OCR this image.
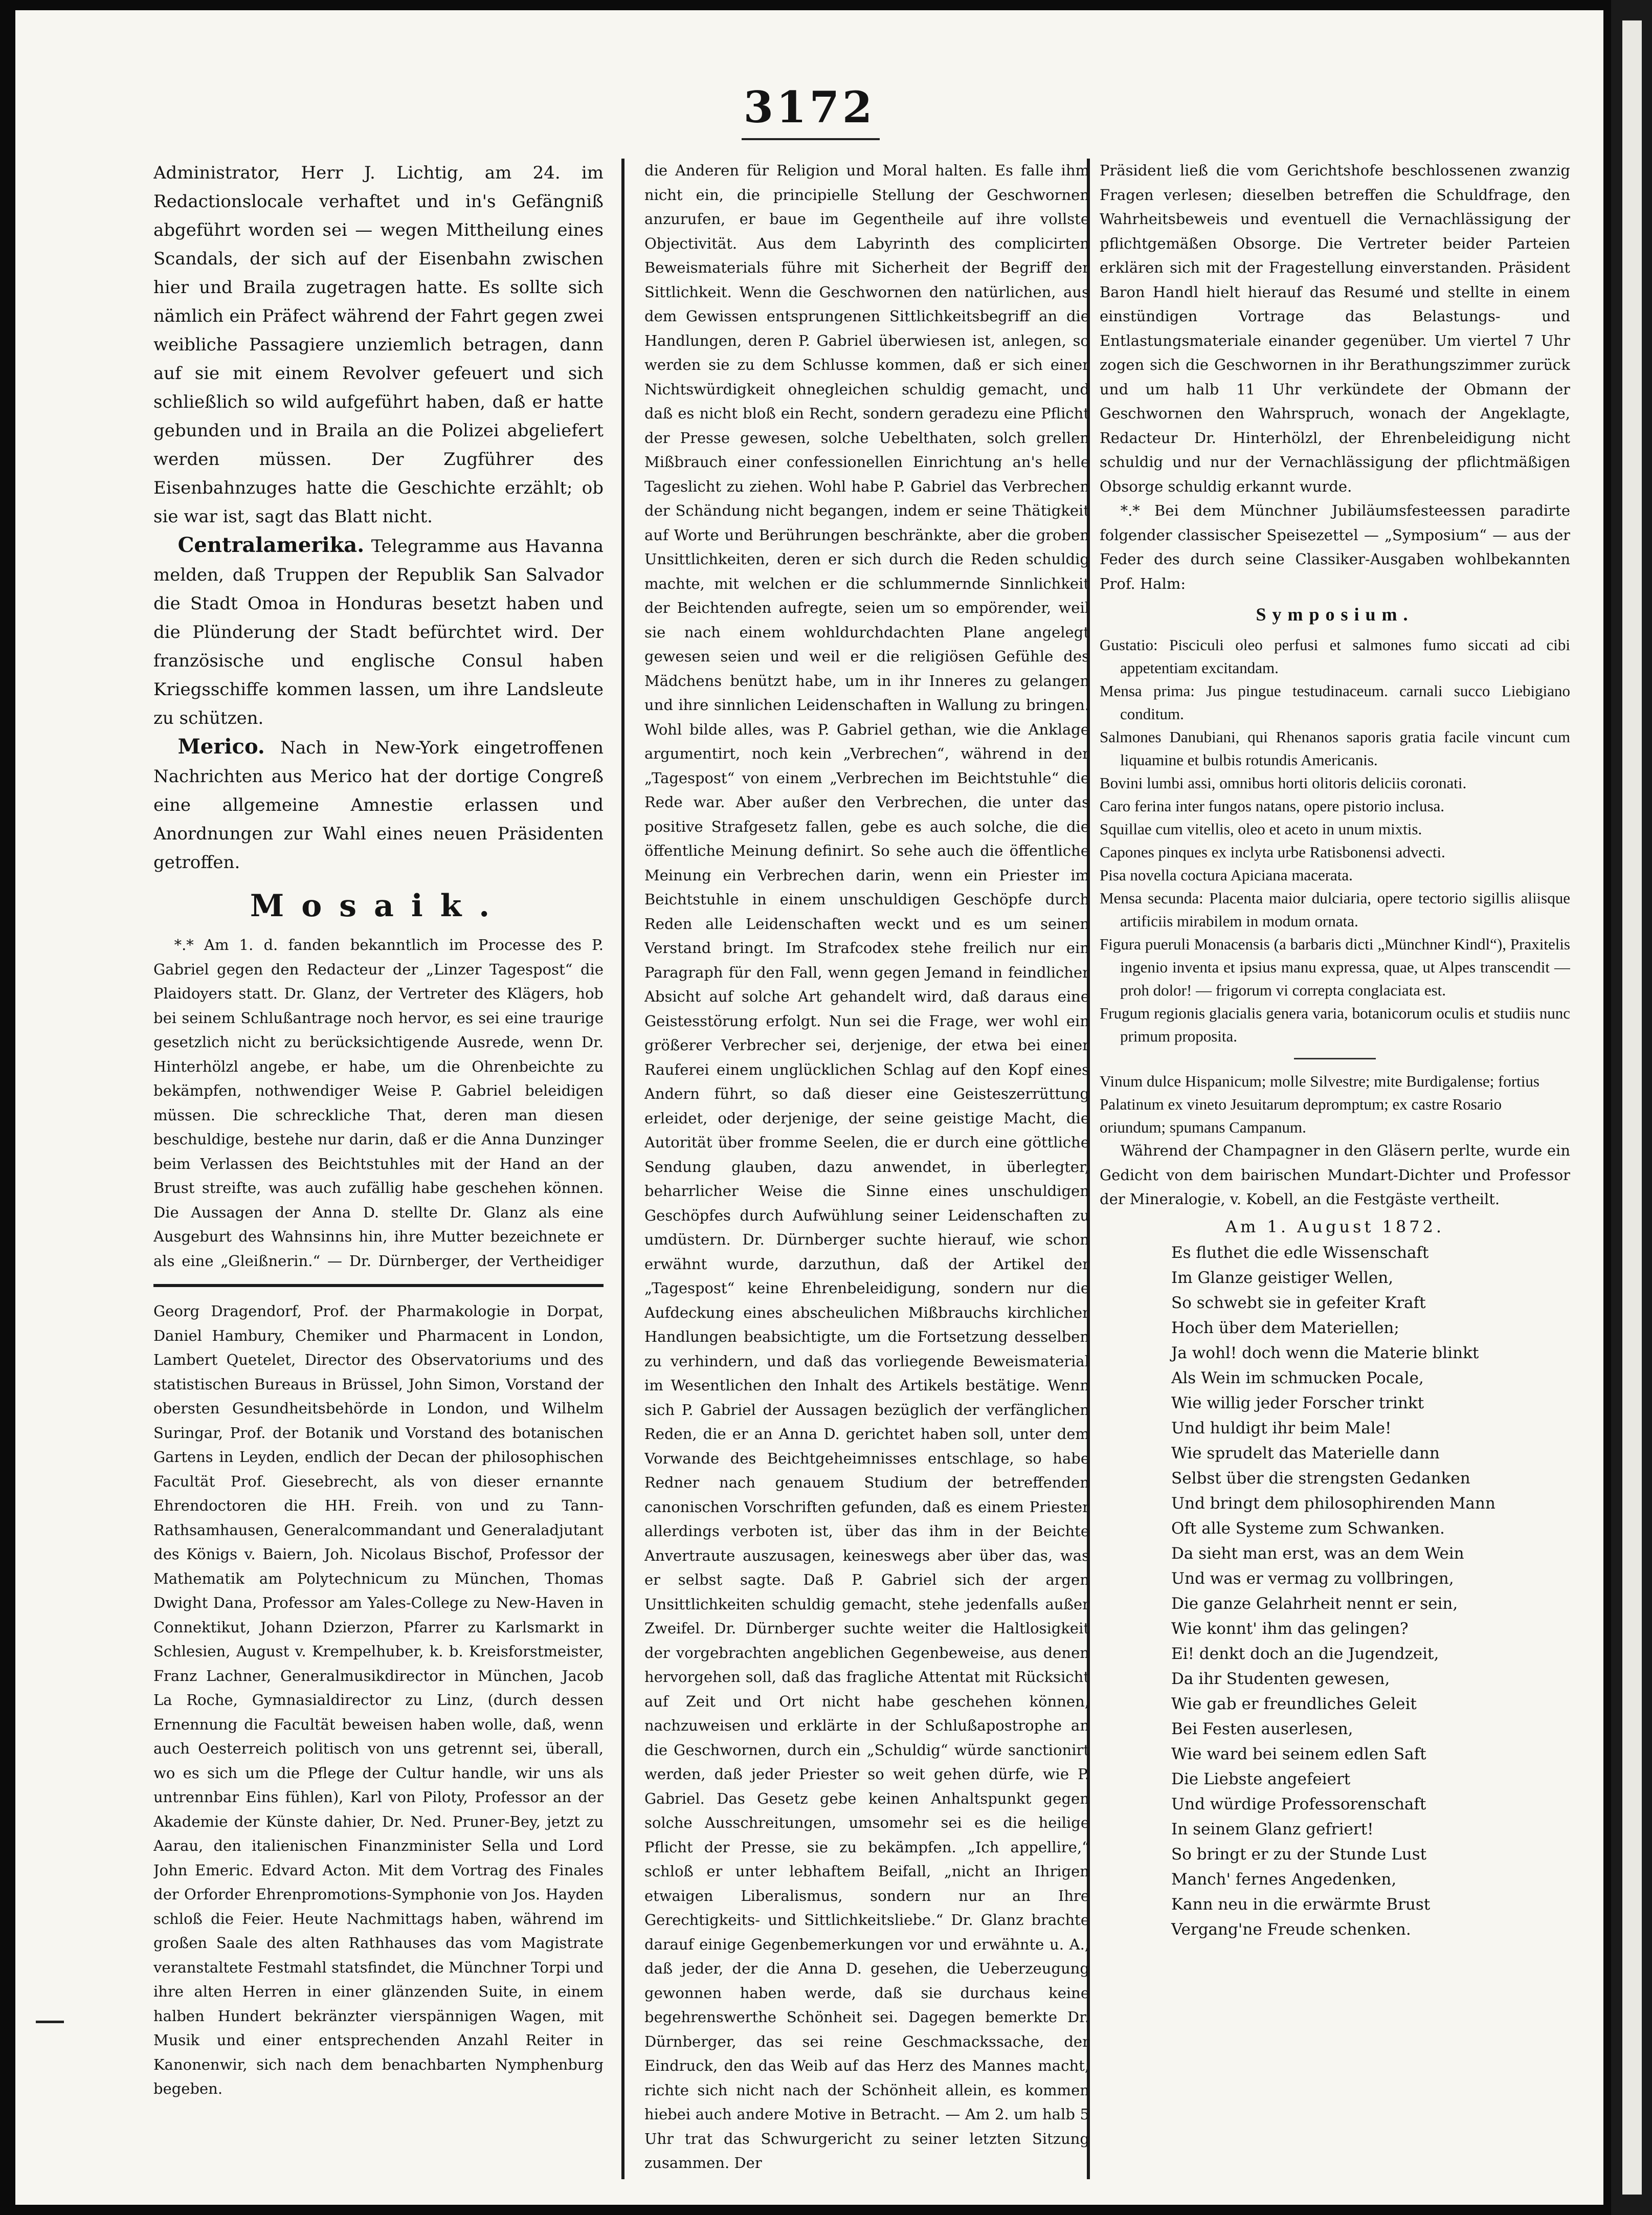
3172

Administrator, Herr J. Lichtig, am 24. im Redactionslocale verhaftet und in's Gefängniß abgeführt worden sei — wegen Mittheilung eines Scandals, der sich auf der Eisenbahn zwischen hier und Braila zugetragen hatte. Es sollte sich nämlich ein Präfect während der Fahrt gegen zwei weibliche Passagiere unziemlich betragen, dann auf sie mit einem Revolver gefeuert und sich schließlich so wild aufgeführt haben, daß er hatte gebunden und in Braila an die Polizei abgeliefert werden müssen. Der Zugführer des Eisenbahnzuges hatte die Geschichte erzählt; ob sie war ist, sagt das Blatt nicht.

Centralamerika. Telegramme aus Havanna melden, daß Truppen der Republik San Salvador die Stadt Omoa in Honduras besetzt haben und die Plünderung der Stadt befürchtet wird. Der französische und englische Consul haben Kriegsschiffe kommen lassen, um ihre Landsleute zu schützen.

Merico. Nach in New-York eingetroffenen Nachrichten aus Merico hat der dortige Congreß eine allgemeine Amnestie erlassen und Anordnungen zur Wahl eines neuen Präsidenten getroffen.

Mosaik.

*.* Am 1. d. fanden bekanntlich im Processe des P. Gabriel gegen den Redacteur der „Linzer Tagespost“ die Plaidoyers statt. Dr. Glanz, der Vertreter des Klägers, hob bei seinem Schlußantrage noch hervor, es sei eine traurige gesetzlich nicht zu berücksichtigende Ausrede, wenn Dr. Hinterhölzl angebe, er habe, um die Ohrenbeichte zu bekämpfen, nothwendiger Weise P. Gabriel beleidigen müssen. Die schreckliche That, deren man diesen beschuldige, bestehe nur darin, daß er die Anna Dunzinger beim Verlassen des Beichtstuhles mit der Hand an der Brust streifte, was auch zufällig habe geschehen können. Die Aussagen der Anna D. stellte Dr. Glanz als eine Ausgeburt des Wahnsinns hin, ihre Mutter bezeichnete er als eine „Gleißnerin.“ — Dr. Dürnberger, der Vertheidiger

Georg Dragendorf, Prof. der Pharmakologie in Dorpat, Daniel Hambury, Chemiker und Pharmacent in London, Lambert Quetelet, Director des Observatoriums und des statistischen Bureaus in Brüssel, John Simon, Vorstand der obersten Gesundheitsbehörde in London, und Wilhelm Suringar, Prof. der Botanik und Vorstand des botanischen Gartens in Leyden, endlich der Decan der philosophischen Facultät Prof. Giesebrecht, als von dieser ernannte Ehrendoctoren die HH. Freih. von und zu Tann-Rathsamhausen, Generalcommandant und Generaladjutant des Königs v. Baiern, Joh. Nicolaus Bischof, Professor der Mathematik am Polytechnicum zu München, Thomas Dwight Dana, Professor am Yales-College zu New-Haven in Connektikut, Johann Dzierzon, Pfarrer zu Karlsmarkt in Schlesien, August v. Krempelhuber, k. b. Kreisforstmeister, Franz Lachner, Generalmusikdirector in München, Jacob La Roche, Gymnasialdirector zu Linz, (durch dessen Ernennung die Facultät beweisen haben wolle, daß, wenn auch Oesterreich politisch von uns getrennt sei, überall, wo es sich um die Pflege der Cultur handle, wir uns als untrennbar Eins fühlen), Karl von Piloty, Professor an der Akademie der Künste dahier, Dr. Ned. Pruner-Bey, jetzt zu Aarau, den italienischen Finanzminister Sella und Lord John Emeric. Edvard Acton. Mit dem Vortrag des Finales der Orforder Ehrenpromotions-Symphonie von Jos. Hayden schloß die Feier. Heute Nachmittags haben, während im großen Saale des alten Rathhauses das vom Magistrate veranstaltete Festmahl statsfindet, die Münchner Torpi und ihre alten Herren in einer glänzenden Suite, in einem halben Hundert bekränzter vierspännigen Wagen, mit Musik und einer entsprechenden Anzahl Reiter in Kanonenwir, sich nach dem benachbarten Nymphenburg begeben.

die Anderen für Religion und Moral halten. Es falle ihm nicht ein, die principielle Stellung der Geschwornen anzurufen, er baue im Gegentheile auf ihre vollste Objectivität. Aus dem Labyrinth des complicirten Beweismaterials führe mit Sicherheit der Begriff der Sittlichkeit. Wenn die Geschwornen den natürlichen, aus dem Gewissen entsprungenen Sittlichkeitsbegriff an die Handlungen, deren P. Gabriel überwiesen ist, anlegen, so werden sie zu dem Schlusse kommen, daß er sich einer Nichtswürdigkeit ohnegleichen schuldig gemacht, und daß es nicht bloß ein Recht, sondern geradezu eine Pflicht der Presse gewesen, solche Uebelthaten, solch grellen Mißbrauch einer confessionellen Einrichtung an's helle Tageslicht zu ziehen. Wohl habe P. Gabriel das Verbrechen der Schändung nicht begangen, indem er seine Thätigkeit auf Worte und Berührungen beschränkte, aber die groben Unsittlichkeiten, deren er sich durch die Reden schuldig machte, mit welchen er die schlummernde Sinnlichkeit der Beichtenden aufregte, seien um so empörender, weil sie nach einem wohldurchdachten Plane angelegt gewesen seien und weil er die religiösen Gefühle des Mädchens benützt habe, um in ihr Inneres zu gelangen und ihre sinnlichen Leidenschaften in Wallung zu bringen. Wohl bilde alles, was P. Gabriel gethan, wie die Anklage argumentirt, noch kein „Verbrechen“, während in der „Tagespost“ von einem „Verbrechen im Beichtstuhle“ die Rede war. Aber außer den Verbrechen, die unter das positive Strafgesetz fallen, gebe es auch solche, die die öffentliche Meinung definirt. So sehe auch die öffentliche Meinung ein Verbrechen darin, wenn ein Priester im Beichtstuhle in einem unschuldigen Geschöpfe durch Reden alle Leidenschaften weckt und es um seinen Verstand bringt. Im Strafcodex stehe freilich nur ein Paragraph für den Fall, wenn gegen Jemand in feindlicher Absicht auf solche Art gehandelt wird, daß daraus eine Geistesstörung erfolgt. Nun sei die Frage, wer wohl ein größerer Verbrecher sei, derjenige, der etwa bei einer Rauferei einem unglücklichen Schlag auf den Kopf eines Andern führt, so daß dieser eine Geisteszerrüttung erleidet, oder derjenige, der seine geistige Macht, die Autorität über fromme Seelen, die er durch eine göttliche Sendung glauben, dazu anwendet, in überlegter, beharrlicher Weise die Sinne eines unschuldigen Geschöpfes durch Aufwühlung seiner Leidenschaften zu umdüstern. Dr. Dürnberger suchte hierauf, wie schon erwähnt wurde, darzuthun, daß der Artikel der „Tagespost“ keine Ehrenbeleidigung, sondern nur die Aufdeckung eines abscheulichen Mißbrauchs kirchlicher Handlungen beabsichtigte, um die Fortsetzung desselben zu verhindern, und daß das vorliegende Beweismaterial im Wesentlichen den Inhalt des Artikels bestätige. Wenn sich P. Gabriel der Aussagen bezüglich der verfänglichen Reden, die er an Anna D. gerichtet haben soll, unter dem Vorwande des Beichtgeheimnisses entschlage, so habe Redner nach genauem Studium der betreffenden canonischen Vorschriften gefunden, daß es einem Priester allerdings verboten ist, über das ihm in der Beichte Anvertraute auszusagen, keineswegs aber über das, was er selbst sagte. Daß P. Gabriel sich der argen Unsittlichkeiten schuldig gemacht, stehe jedenfalls außer Zweifel. Dr. Dürnberger suchte weiter die Haltlosigkeit der vorgebrachten angeblichen Gegenbeweise, aus denen hervorgehen soll, daß das fragliche Attentat mit Rücksicht auf Zeit und Ort nicht habe geschehen können, nachzuweisen und erklärte in der Schlußapostrophe an die Geschwornen, durch ein „Schuldig“ würde sanctionirt werden, daß jeder Priester so weit gehen dürfe, wie P. Gabriel. Das Gesetz gebe keinen Anhaltspunkt gegen solche Ausschreitungen, umsomehr sei es die heilige Pflicht der Presse, sie zu bekämpfen. „Ich appellire,“ schloß er unter lebhaftem Beifall, „nicht an Ihrigen etwaigen Liberalismus, sondern nur an Ihre Gerechtigkeits- und Sittlichkeitsliebe.“ Dr. Glanz brachte darauf einige Gegenbemerkungen vor und erwähnte u. A., daß jeder, der die Anna D. gesehen, die Ueberzeugung gewonnen haben werde, daß sie durchaus keine begehrenswerthe Schönheit sei. Dagegen bemerkte Dr. Dürnberger, das sei reine Geschmackssache, der Eindruck, den das Weib auf das Herz des Mannes macht, richte sich nicht nach der Schönheit allein, es kommen hiebei auch andere Motive in Betracht. — Am 2. um halb 5 Uhr trat das Schwurgericht zu seiner letzten Sitzung zusammen. Der

Präsident ließ die vom Gerichtshofe beschlossenen zwanzig Fragen verlesen; dieselben betreffen die Schuldfrage, den Wahrheitsbeweis und eventuell die Vernachlässigung der pflichtgemäßen Obsorge. Die Vertreter beider Parteien erklären sich mit der Fragestellung einverstanden. Präsident Baron Handl hielt hierauf das Resumé und stellte in einem einstündigen Vortrage das Belastungs- und Entlastungsmateriale einander gegenüber. Um viertel 7 Uhr zogen sich die Geschwornen in ihr Berathungszimmer zurück und um halb 11 Uhr verkündete der Obmann der Geschwornen den Wahrspruch, wonach der Angeklagte, Redacteur Dr. Hinterhölzl, der Ehrenbeleidigung nicht schuldig und nur der Vernachlässigung der pflichtmäßigen Obsorge schuldig erkannt wurde.

*.* Bei dem Münchner Jubiläumsfesteessen paradirte folgender classischer Speisezettel — „Symposium“ — aus der Feder des durch seine Classiker-Ausgaben wohlbekannten Prof. Halm:

Symposium.

Gustatio: Pisciculi oleo perfusi et salmones fumo siccati ad cibi appetentiam excitandam.

Mensa prima: Jus pingue testudinaceum. carnali succo Liebigiano conditum.

Salmones Danubiani, qui Rhenanos saporis gratia facile vincunt cum liquamine et bulbis rotundis Americanis.

Bovini lumbi assi, omnibus horti olitoris deliciis coronati.

Caro ferina inter fungos natans, opere pistorio inclusa.

Squillae cum vitellis, oleo et aceto in unum mixtis.

Capones pinques ex inclyta urbe Ratisbonensi advecti.

Pisa novella coctura Apiciana macerata.

Mensa secunda: Placenta maior dulciaria, opere tectorio sigillis aliisque artificiis mirabilem in modum ornata.

Figura pueruli Monacensis (a barbaris dicti „Münchner Kindl“), Praxitelis ingenio inventa et ipsius manu expressa, quae, ut Alpes transcendit — proh dolor! — frigorum vi correpta conglaciata est.

Frugum regionis glacialis genera varia, botanicorum oculis et studiis nunc primum proposita.

Vinum dulce Hispanicum; molle Silvestre; mite Burdigalense; fortius Palatinum ex vineto Jesuitarum depromptum; ex castre Rosario oriundum; spumans Campanum.

Während der Champagner in den Gläsern perlte, wurde ein Gedicht von dem bairischen Mundart-Dichter und Professor der Mineralogie, v. Kobell, an die Festgäste vertheilt.

Am 1. August 1872.

Es fluthet die edle Wissenschaft

Im Glanze geistiger Wellen,

So schwebt sie in gefeiter Kraft

Hoch über dem Materiellen;

Ja wohl! doch wenn die Materie blinkt

Als Wein im schmucken Pocale,

Wie willig jeder Forscher trinkt

Und huldigt ihr beim Male!

Wie sprudelt das Materielle dann

Selbst über die strengsten Gedanken

Und bringt dem philosophirenden Mann

Oft alle Systeme zum Schwanken.

Da sieht man erst, was an dem Wein

Und was er vermag zu vollbringen,

Die ganze Gelahrheit nennt er sein,

Wie konnt' ihm das gelingen?

Ei! denkt doch an die Jugendzeit,

Da ihr Studenten gewesen,

Wie gab er freundliches Geleit

Bei Festen auserlesen,

Wie ward bei seinem edlen Saft

Die Liebste angefeiert

Und würdige Professorenschaft

In seinem Glanz gefriert!

So bringt er zu der Stunde Lust

Manch' fernes Angedenken,

Kann neu in die erwärmte Brust

Vergang'ne Freude schenken.
